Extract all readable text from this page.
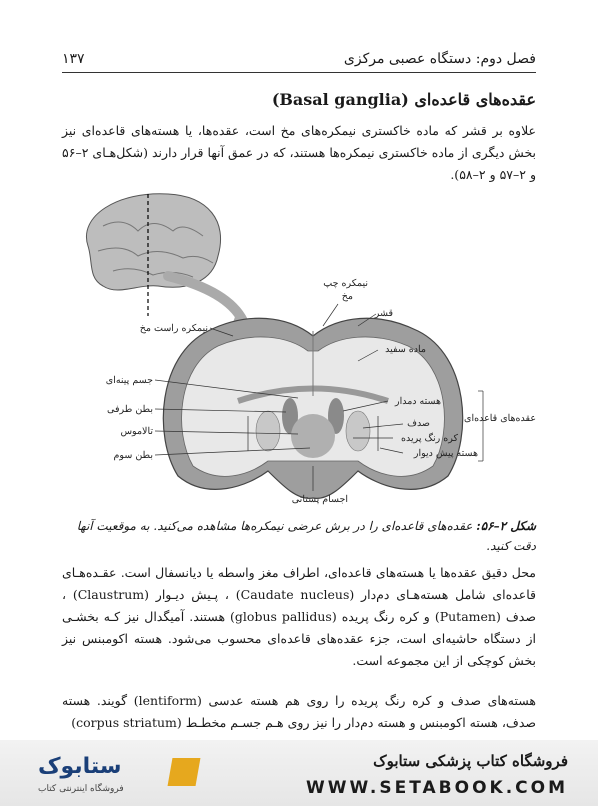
فصل دوم: دستگاه عصبی مرکزی
۱۳۷
عقده‌های قاعده‌ای (Basal ganglia)
علاوه بر قشر که ماده خاکستری نیمکره‌های مخ است، عقده‌ها، یا هسته‌های قاعده‌ای نیز بخش دیگری از ماده خاکستری نیمکره‌ها هستند، که در عمق آنها قرار دارند (شکل‌هـای ۲–۵۶ و ۲–۵۷ و ۲–۵۸).
نیمکره چپ
مخ
قشر
ماده سفید
هسته دمدار
صدف
کره رنگ پریده
هسته پیش دیوار
عقده‌های قاعده‌ای
نیمکره راست مخ
جسم پینه‌ای
بطن طرفی
تالاموس
بطن سوم
اجسام پستانی
شکل ۲–۵۶: عقده‌های قاعده‌ای را در برش عرضی نیمکره‌ها مشاهده می‌کنید. به موقعیت آنها دقت کنید.
محل دقیق عقده‌ها یا هسته‌های قاعده‌ای، اطراف مغز واسطه یا دیانسفال است. عقـده‌هـای قاعده‌ای شامل هسته‌هـای دم‌دار (Caudate nucleus) ، پـیش دیـوار (Claustrum) ، صدف (Putamen) و کره رنگ پریده (globus pallidus) هستند. آمیگدال نیز کـه بخشـی از دستگاه حاشیه‌ای است، جزء عقده‌های قاعده‌ای محسوب می‌شود. هسته اکومبنس نیز بخش کوچکی از این مجموعه است.
هسته‌های صدف و کره رنگ پریده را روی هم هسته عدسی (lentiform) گویند. هسته صدف، هسته اکومبنس و هسته دم‌دار را نیز روی هـم جسـم مخطـط (corpus striatum)
ستابوک
فروشگاه اینترنتی کتاب
فروشگاه کتاب پزشکی ستابوک
WWW.SETABOOK.COM
